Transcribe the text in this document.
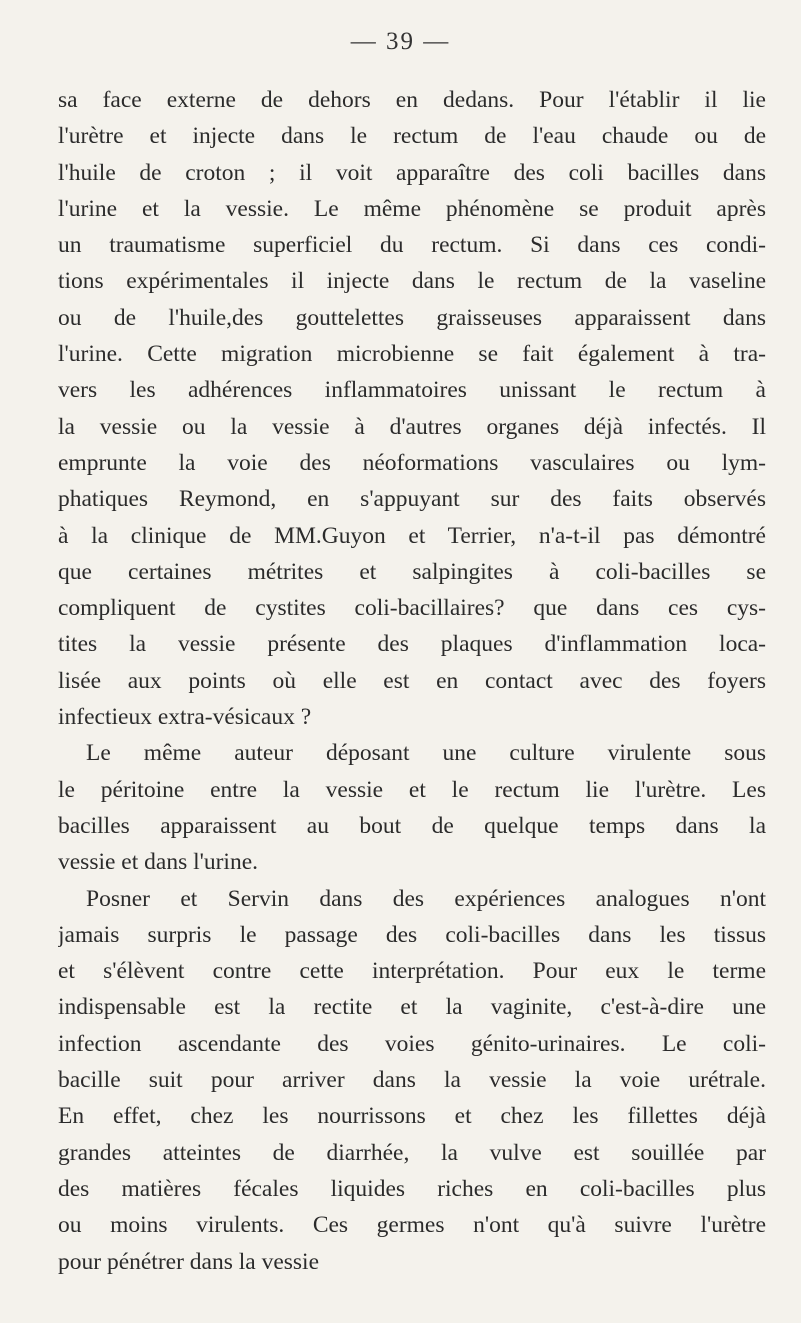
— 39 —
sa face externe de dehors en dedans. Pour l'établir il lie
l'urètre et injecte dans le rectum de l'eau chaude ou de
l'huile de croton ; il voit apparaître des coli bacilles dans
l'urine et la vessie. Le même phénomène se produit après
un traumatisme superficiel du rectum. Si dans ces condi-
tions expérimentales il injecte dans le rectum de la vaseline
ou de l'huile,des gouttelettes graisseuses apparaissent dans
l'urine. Cette migration microbienne se fait également à tra-
vers les adhérences inflammatoires unissant le rectum à
la vessie ou la vessie à d'autres organes déjà infectés. Il
emprunte la voie des néoformations vasculaires ou lym-
phatiques Reymond, en s'appuyant sur des faits observés
à la clinique de MM.Guyon et Terrier, n'a-t-il pas démontré
que certaines métrites et salpingites à coli-bacilles se
compliquent de cystites coli-bacillaires? que dans ces cys-
tites la vessie présente des plaques d'inflammation loca-
lisée aux points où elle est en contact avec des foyers
infectieux extra-vésicaux ?
Le même auteur déposant une culture virulente sous
le péritoine entre la vessie et le rectum lie l'urètre. Les
bacilles apparaissent au bout de quelque temps dans la
vessie et dans l'urine.
Posner et Servin dans des expériences analogues n'ont
jamais surpris le passage des coli-bacilles dans les tissus
et s'élèvent contre cette interprétation. Pour eux le terme
indispensable est la rectite et la vaginite, c'est-à-dire une
infection ascendante des voies génito-urinaires. Le coli-
bacille suit pour arriver dans la vessie la voie urétrale.
En effet, chez les nourrissons et chez les fillettes déjà
grandes atteintes de diarrhée, la vulve est souillée par
des matières fécales liquides riches en coli-bacilles plus
ou moins virulents. Ces germes n'ont qu'à suivre l'urètre
pour pénétrer dans la vessie
